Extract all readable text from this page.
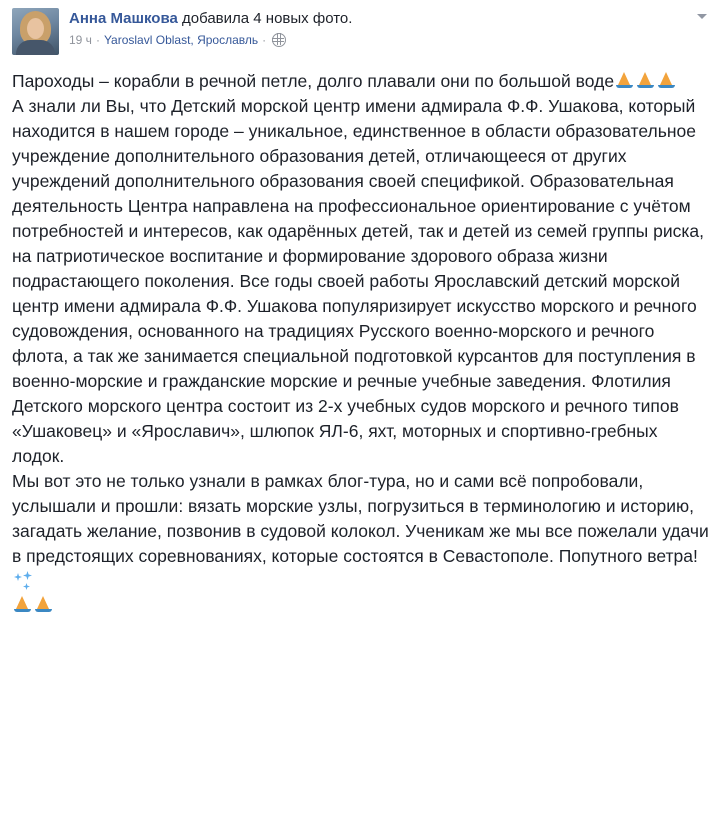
Анна Машкова добавила 4 новых фото.
19 ч · Yaroslavl Oblast, Ярославль ·

Пароходы – корабли в речной петле, долго плавали они по большой воде

А знали ли Вы, что Детский морской центр имени адмирала Ф.Ф. Ушакова, который находится в нашем городе – уникальное, единственное в области образовательное учреждение дополнительного образования детей, отличающееся от других учреждений дополнительного образования своей спецификой. Образовательная деятельность Центра направлена на профессиональное ориентирование с учётом потребностей и интересов, как одарённых детей, так и детей из семей группы риска, на патриотическое воспитание и формирование здорового образа жизни подрастающего поколения. Все годы своей работы Ярославский детский морской центр имени адмирала Ф.Ф. Ушакова популяризирует искусство морского и речного судовождения, основанного на традициях Русского военно-морского и речного флота, а так же занимается специальной подготовкой курсантов для поступления в военно-морские и гражданские морские и речные учебные заведения. Флотилия Детского морского центра состоит из 2-х учебных судов морского и речного типов «Ушаковец» и «Ярославич», шлюпок ЯЛ-6, яхт, моторных и спортивно-гребных лодок.

Мы вот это не только узнали в рамках блог-тура, но и сами всё попробовали, услышали и прошли: вязать морские узлы, погрузиться в терминологию и историю, загадать желание, позвонив в судовой колокол. Ученикам же мы все пожелали удачи в предстоящих соревнованиях, которые состоятся в Севастополе. Попутного ветра!
